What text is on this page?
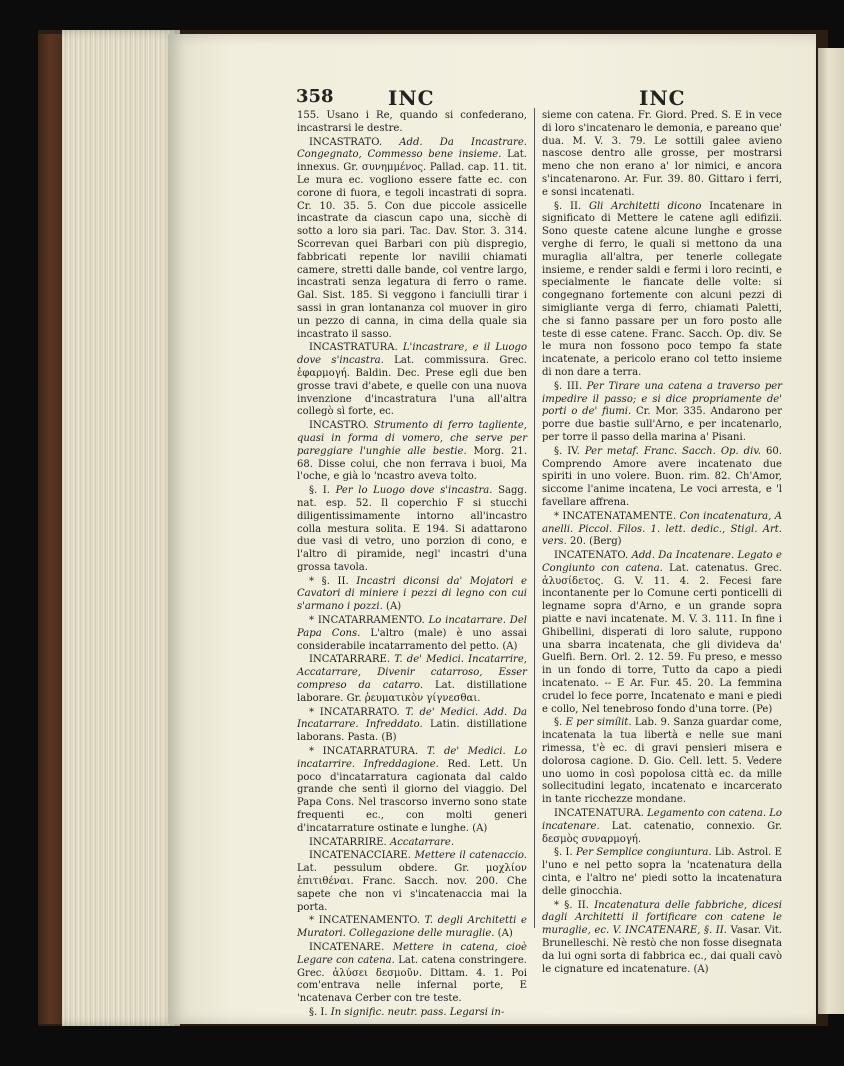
358	INC	INC

155. Usano i Re, quando si confederano, incastrarsi le destre.

INCASTRATO. Add. Da Incastrare. Congegnato, Commesso bene insieme. Lat. innexus. Gr. συνημμένος. Pallad. cap. 11. tit. Le mura ec. vogliono essere fatte ec. con corone di fuora, e tegoli incastrati di sopra. Cr. 10. 35. 5. Con due piccole assicelle incastrate da ciascun capo una, sicchè di sotto a loro sia pari. Tac. Dav. Stor. 3. 314. Scorrevan quei Barbari con più dispregio, fabbricati repente lor navilii chiamati camere, stretti dalle bande, col ventre largo, incastrati senza legatura di ferro o rame. Gal. Sist. 185. Si veggono i fanciulli tirar i sassi in gran lontananza col muover in giro un pezzo di canna, in cima della quale sia incastrato il sasso.

INCASTRATURA. L'incastrare, e il Luogo dove s'incastra. Lat. commissura. Grec. ἐφαρμογή. Baldin. Dec. Prese egli due ben grosse travi d'abete, e quelle con una nuova invenzione d'incastratura l'una all'altra collegò sì forte, ec.

INCASTRO. Strumento di ferro tagliente, quasi in forma di vomero, che serve per pareggiare l'unghie alle bestie. Morg. 21. 68. Disse colui, che non ferrava i buoi, Ma l'oche, e già lo 'ncastro aveva tolto.

§. I. Per lo Luogo dove s'incastra. Sagg. nat. esp. 52. Il coperchio F si stucchi diligentissimamente intorno all'incastro colla mestura solita. E 194. Si adattarono due vasi di vetro, uno porzion di cono, e l'altro di piramide, negl' incastri d'una grossa tavola.

* §. II. Incastri diconsi da' Mojatori e Cavatori di miniere i pezzi di legno con cui s'armano i pozzi. (A)

* INCATARRAMENTO. Lo incatarrare. Del Papa Cons. L'altro (male) è uno assai considerabile incatarramento del petto. (A)

INCATARRARE. T. de' Medici. Incatarrire, Accatarrare, Divenir catarroso, Esser compreso da catarro. Lat. distillatione laborare. Gr. ῥευματικὸν γίγνεσθαι.

* INCATARRATO. T. de' Medici. Add. Da Incatarrare. Infreddato. Latin. distillatione laborans. Pasta. (B)

* INCATARRATURA. T. de' Medici. Lo incatarrire. Infreddagione. Red. Lett. Un poco d'incatarratura cagionata dal caldo grande che sentì il giorno del viaggio. Del Papa Cons. Nel trascorso inverno sono state frequenti ec., con molti generi d'incatarrature ostinate e lunghe. (A)

INCATARRIRE. Accatarrare.

INCATENACCIARE. Mettere il catenaccio. Lat. pessulum obdere. Gr. μοχλίον ἐπιτιθέναι. Franc. Sacch. nov. 200. Che sapete che non vi s'incatenaccia mai la porta.

* INCATENAMENTO. T. degli Architetti e Muratori. Collegazione delle muraglie. (A)

INCATENARE. Mettere in catena, cioè Legare con catena. Lat. catena constringere. Grec. ἁλύσει δεσμοῦν. Dittam. 4. 1. Poi com'entrava nelle infernal porte, E 'ncatenava Cerber con tre teste.

§. I. In signific. neutr. pass. Legarsi in-

sieme con catena. Fr. Giord. Pred. S. E in vece di loro s'incatenaro le demonia, e pareano que' dua. M. V. 3. 79. Le sottili galee avieno nascose dentro alle grosse, per mostrarsi meno che non erano a' lor nimici, e ancora s'incatenarono. Ar. Fur. 39. 80. Gittaro i ferri, e sonsi incatenati.

§. II. Gli Architetti dicono Incatenare in significato di Mettere le catene agli edifizii. Sono queste catene alcune lunghe e grosse verghe di ferro, le quali si mettono da una muraglia all'altra, per tenerle collegate insieme, e render saldi e fermi i loro recinti, e specialmente le fiancate delle volte: si congegnano fortemente con alcuni pezzi di simigliante verga di ferro, chiamati Paletti, che si fanno passare per un foro posto alle teste di esse catene. Franc. Sacch. Op. div. Se le mura non fossono poco tempo fa state incatenate, a pericolo erano col tetto insieme di non dare a terra.

§. III. Per Tirare una catena a traverso per impedire il passo; e si dice propriamente de' porti o de' fiumi. Cr. Mor. 335. Andarono per porre due bastie sull'Arno, e per incatenarlo, per torre il passo della marina a' Pisani.

§. IV. Per metaf. Franc. Sacch. Op. div. 60. Comprendo Amore avere incatenato due spiriti in uno volere. Buon. rim. 82. Ch'Amor, siccome l'anime incatena, Le voci arresta, e 'l favellare affrena.

* INCATENATAMENTE. Con incatenatura, A anelli. Piccol. Filos. 1. lett. dedic., Stigl. Art. vers. 20. (Berg)

INCATENATO. Add. Da Incatenare. Legato e Congiunto con catena. Lat. catenatus. Grec. ἁλυσίδετος. G. V. 11. 4. 2. Fecesi fare incontanente per lo Comune certi ponticelli di legname sopra d'Arno, e un grande sopra piatte e navi incatenate. M. V. 3. 111. In fine i Ghibellini, disperati di loro salute, ruppono una sbarra incatenata, che gli divideva da' Guelfi. Bern. Orl. 2. 12. 59. Fu preso, e messo in un fondo di torre, Tutto da capo a piedi incatenato. -- E Ar. Fur. 45. 20. La femmina crudel lo fece porre, Incatenato e mani e piedi e collo, Nel tenebroso fondo d'una torre. (Pe)

§. E per simílit. Lab. 9. Sanza guardar come, incatenata la tua libertà e nelle sue mani rimessa, t'è ec. di gravi pensieri misera e dolorosa cagione. D. Gio. Cell. lett. 5. Vedere uno uomo in così popolosa città ec. da mille sollecitudini legato, incatenato e incarcerato in tante ricchezze mondane.

INCATENATURA. Legamento con catena. Lo incatenare. Lat. catenatio, connexio. Gr. δεσμὸς συναρμογή.

§. I. Per Semplice congiuntura. Lib. Astrol. E l'uno e nel petto sopra la 'ncatenatura della cinta, e l'altro ne' piedi sotto la incatenatura delle ginocchia.

* §. II. Incatenatura delle fabbriche, dicesi dagli Architetti il fortificare con catene le muraglie, ec. V. INCATENARE, §. II. Vasar. Vit. Brunelleschi. Nè restò che non fosse disegnata da lui ogni sorta di fabbrica ec., dai quali cavò le cignature ed incatenature. (A)
